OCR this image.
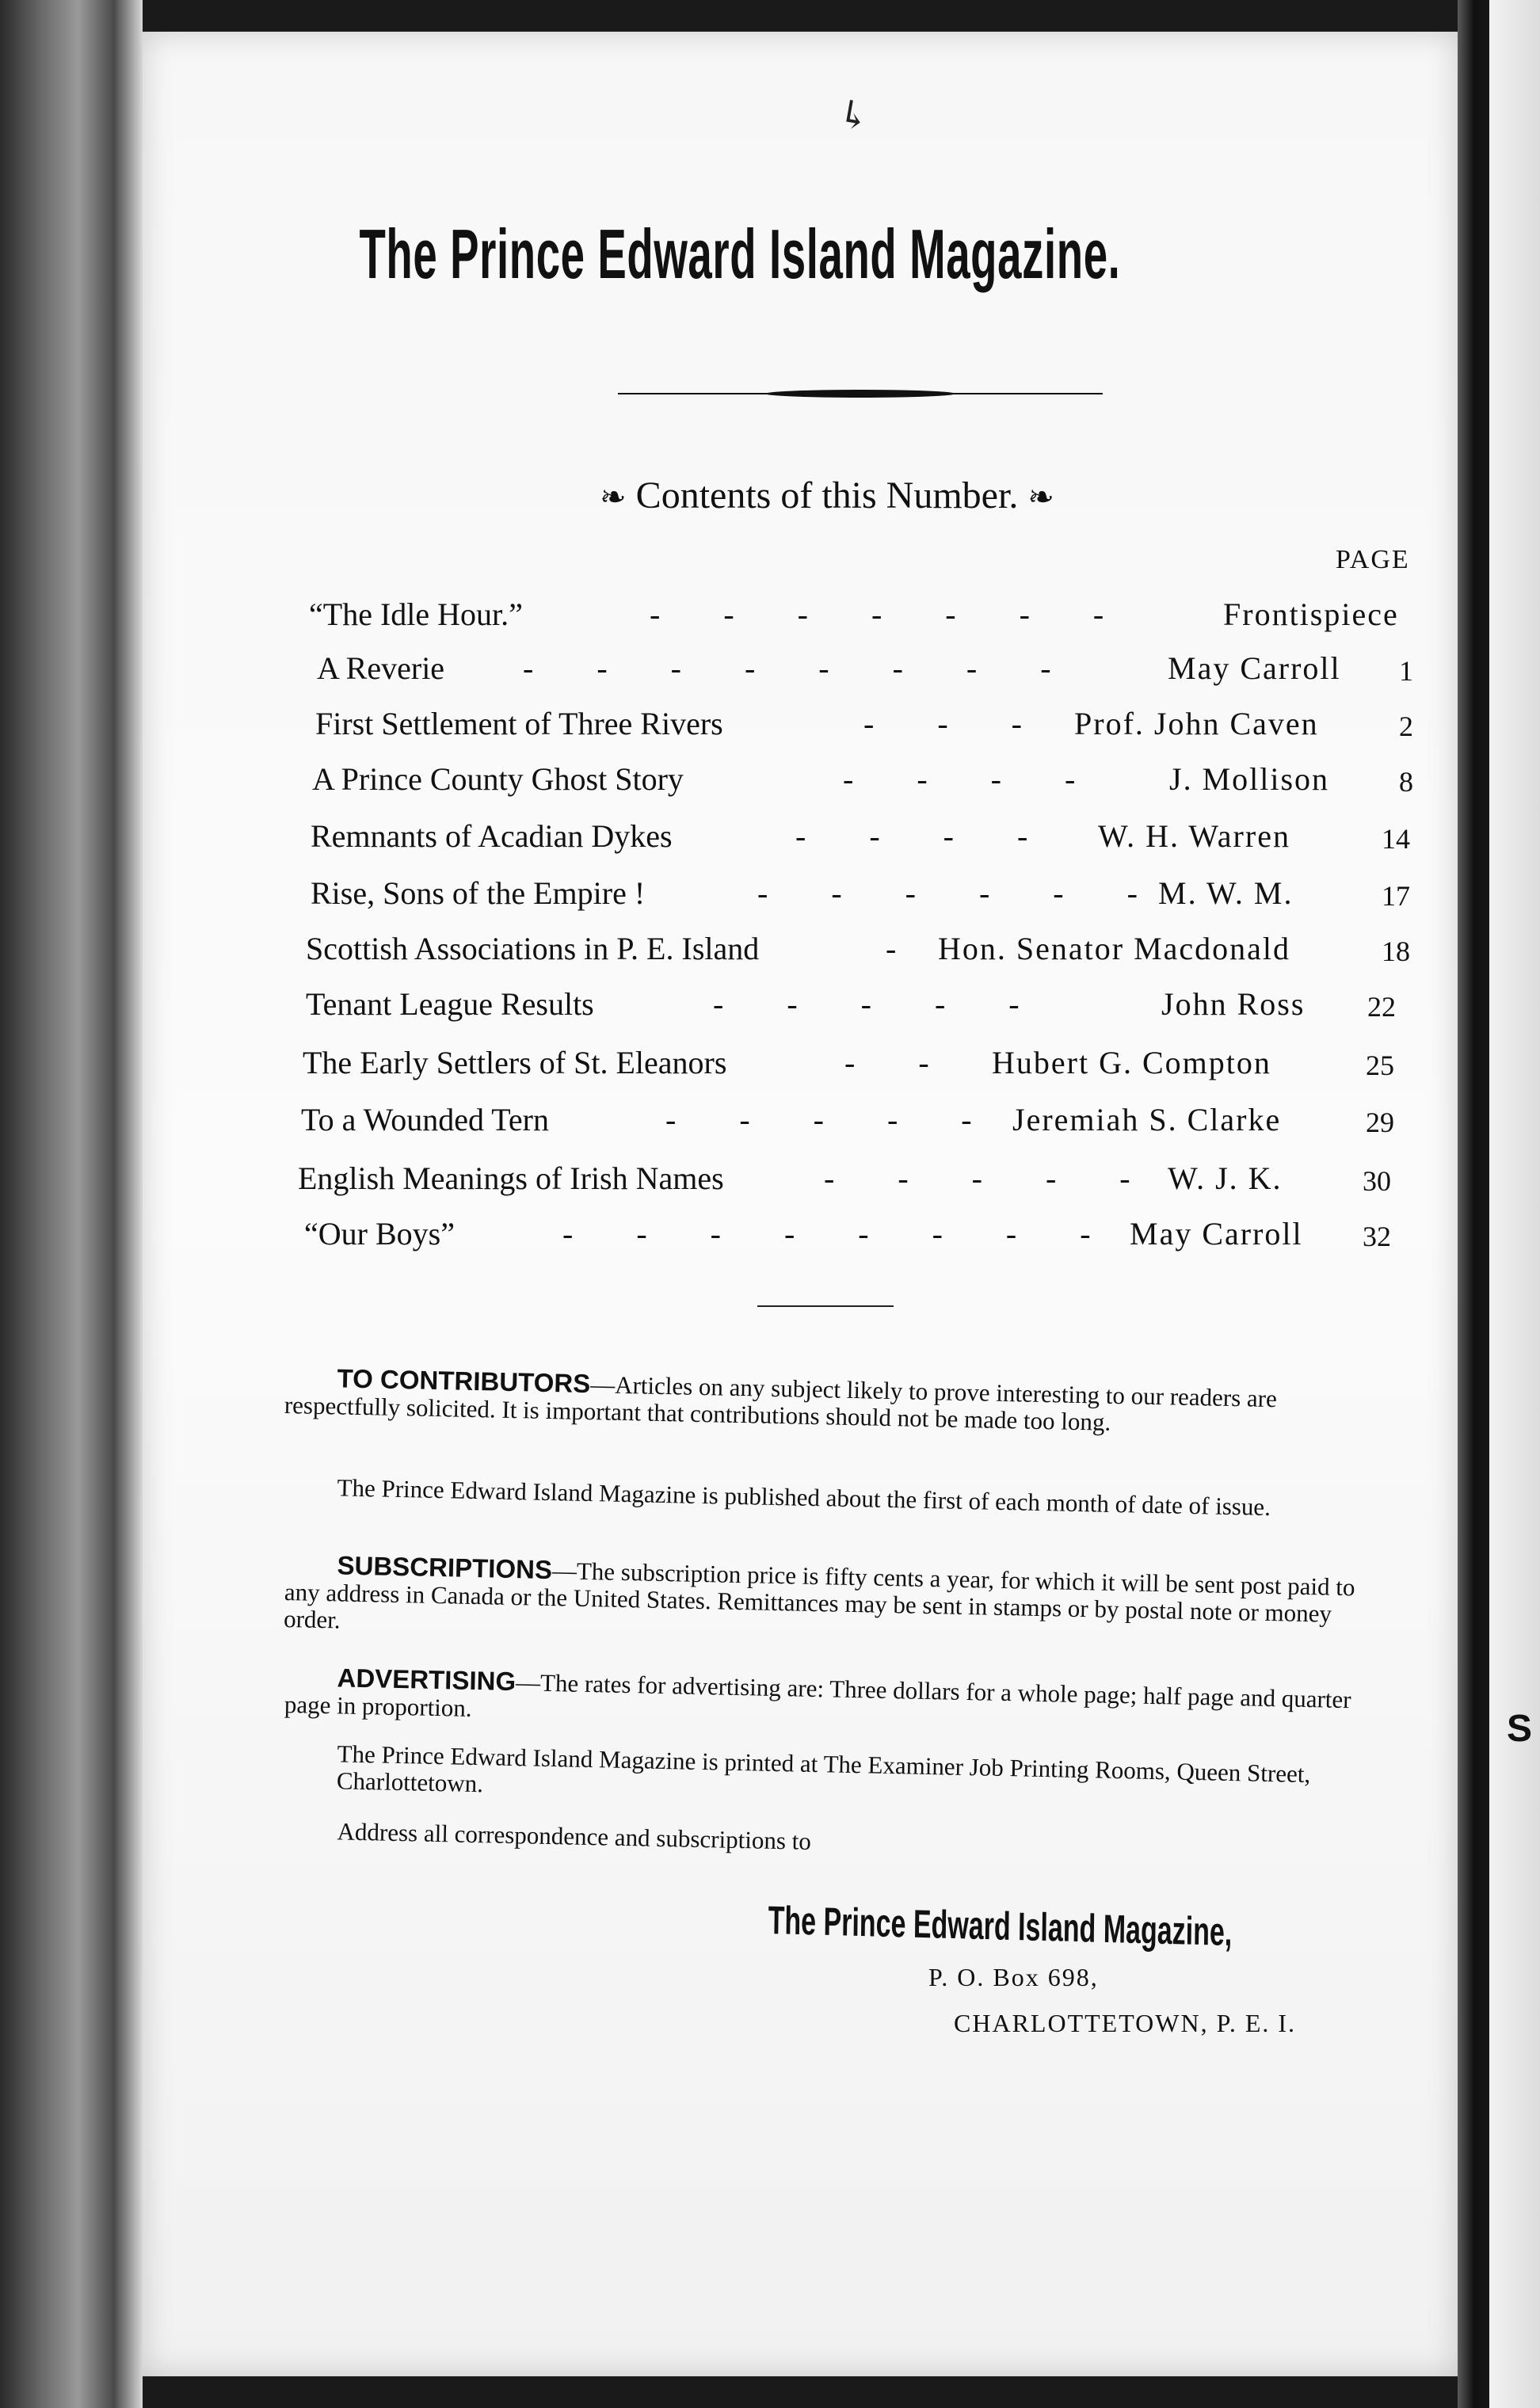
S
↳
The Prince Edward Island Magazine.
❧ Contents of this Number. ❧
PAGE
“The Idle Hour.”	-  -  -  -  -  -  -	Frontispiece
A Reverie -  -  -  -  -  -  -  -	May Carroll 1
First Settlement of Three Rivers	-  -  - Prof. John Caven	2
A Prince County Ghost Story	-  -  -  - J. Mollison 8
Remnants of Acadian Dykes	-  -  -  - W. H. Warren	14
Rise, Sons of the Empire !	-  -  -  -  -  - M. W. M.	17
Scottish Associations in P. E. Island	- Hon. Senator Macdonald	18
Tenant League Results	-  -  -  -  -	John Ross 22
The Early Settlers of St. Eleanors	-  - Hubert G. Compton	25
To a Wounded Tern	-  -  -  -  - Jeremiah S. Clarke	29
English Meanings of Irish Names	-  -  -  -  - W. J. K.	30
“Our Boys”	-  -  -  -  -  -  -  - May Carroll 32
TO CONTRIBUTORS—Articles on any subject likely to prove interesting to our readers are respectfully solicited. It is important that contributions should not be made too long.
The Prince Edward Island Magazine is published about the first of each month of date of issue.
SUBSCRIPTIONS—The subscription price is fifty cents a year, for which it will be sent post paid to any address in Canada or the United States. Remittances may be sent in stamps or by postal note or money order.
ADVERTISING—The rates for advertising are: Three dollars for a whole page; half page and quarter page in proportion.
The Prince Edward Island Magazine is printed at The Examiner Job Printing Rooms, Queen Street, Charlottetown.
Address all correspondence and subscriptions to
The Prince Edward Island Magazine,
P. O. Box 698,
CHARLOTTETOWN, P. E. I.
